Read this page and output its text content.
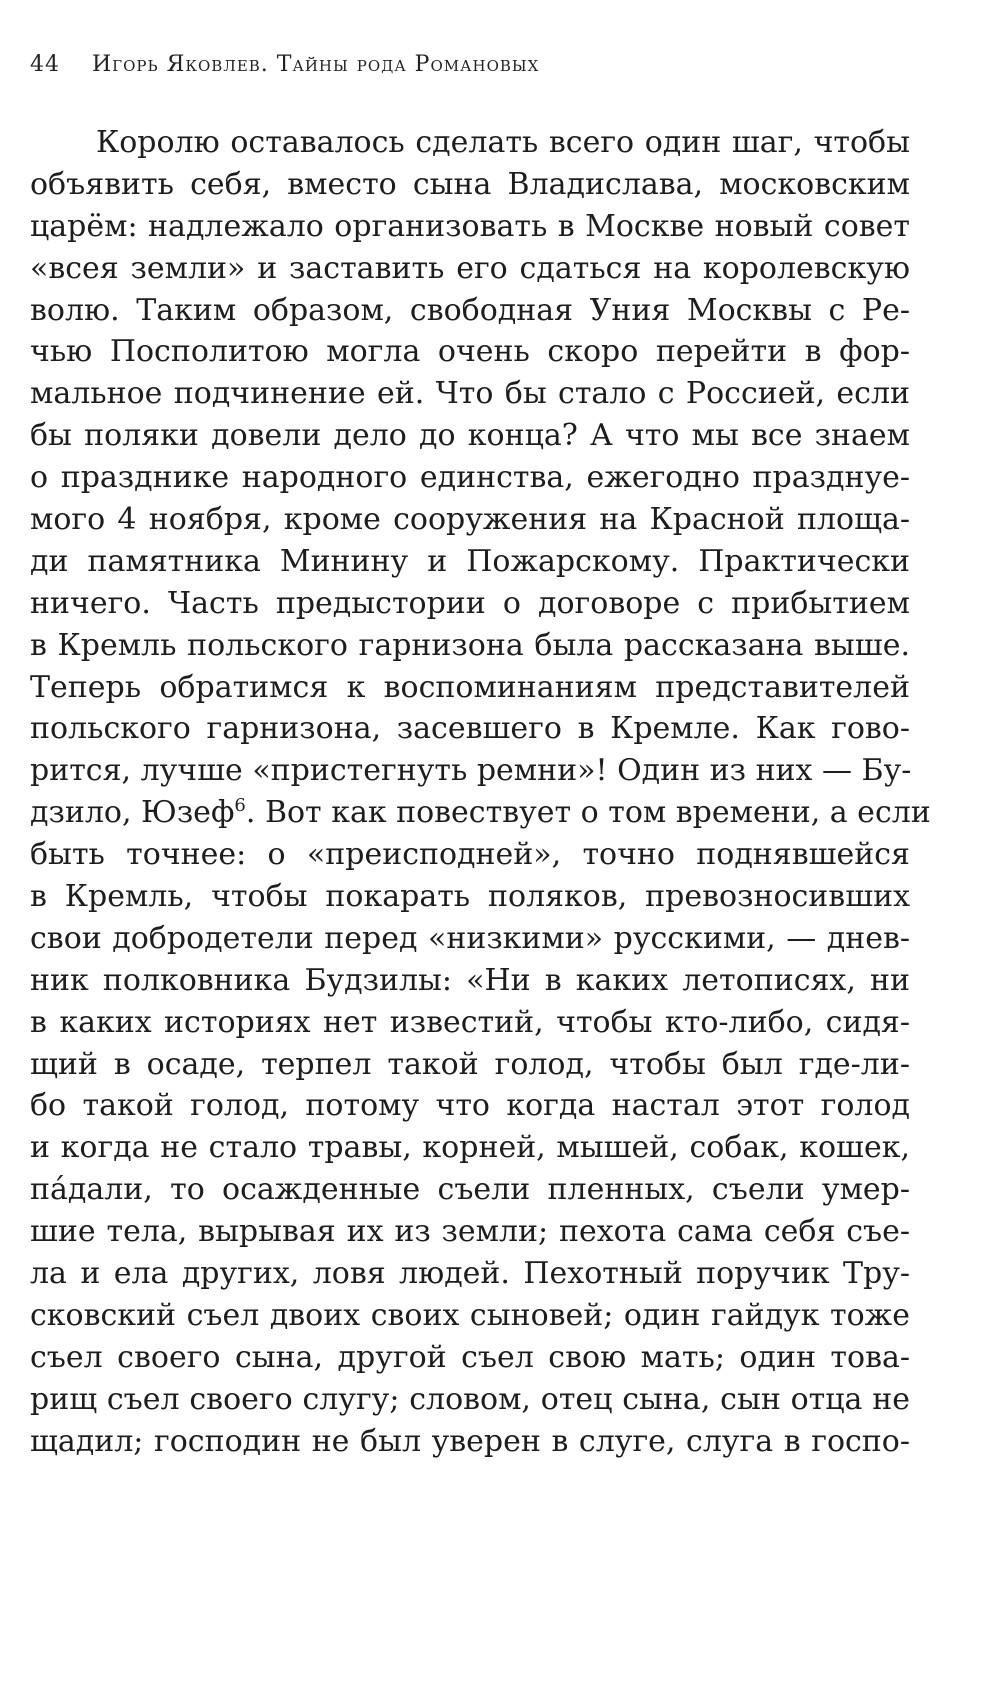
44	Игорь Яковлев. Тайны рода Романовых
Королю оставалось сделать всего один шаг, чтобы
объявить себя, вместо сына Владислава, московским
царём: надлежало организовать в Москве новый совет
«всея земли» и заставить его сдаться на королевскую
волю. Таким образом, свободная Уния Москвы с Ре-
чью Посполитою могла очень скоро перейти в фор-
мальное подчинение ей. Что бы стало с Россией, если
бы поляки довели дело до конца? А что мы все знаем
о празднике народного единства, ежегодно празднуе-
мого 4 ноября, кроме сооружения на Красной площа-
ди памятника Минину и Пожарскому. Практически
ничего. Часть предыстории о договоре с прибытием
в Кремль польского гарнизона была рассказана выше.
Теперь обратимся к воспоминаниям представителей
польского гарнизона, засевшего в Кремле. Как гово-
рится, лучше «пристегнуть ремни»! Один из них — Бу-
дзило, Юзеф$^6$. Вот как повествует о том времени, а если
быть точнее: о «преисподней», точно поднявшейся
в Кремль, чтобы покарать поляков, превозносивших
свои добродетели перед «низкими» русскими, — днев-
ник полковника Будзилы: «Ни в каких летописях, ни
в каких историях нет известий, чтобы кто-либо, сидя-
щий в осаде, терпел такой голод, чтобы был где-ли-
бо такой голод, потому что когда настал этот голод
и когда не стало травы, корней, мышей, собак, кошек,
пáдали, то осажденные съели пленных, съели умер-
шие тела, вырывая их из земли; пехота сама себя съе-
ла и ела других, ловя людей. Пехотный поручик Тру-
сковский съел двоих своих сыновей; один гайдук тоже
съел своего сына, другой съел свою мать; один това-
рищ съел своего слугу; словом, отец сына, сын отца не
щадил; господин не был уверен в слуге, слуга в госпо-
